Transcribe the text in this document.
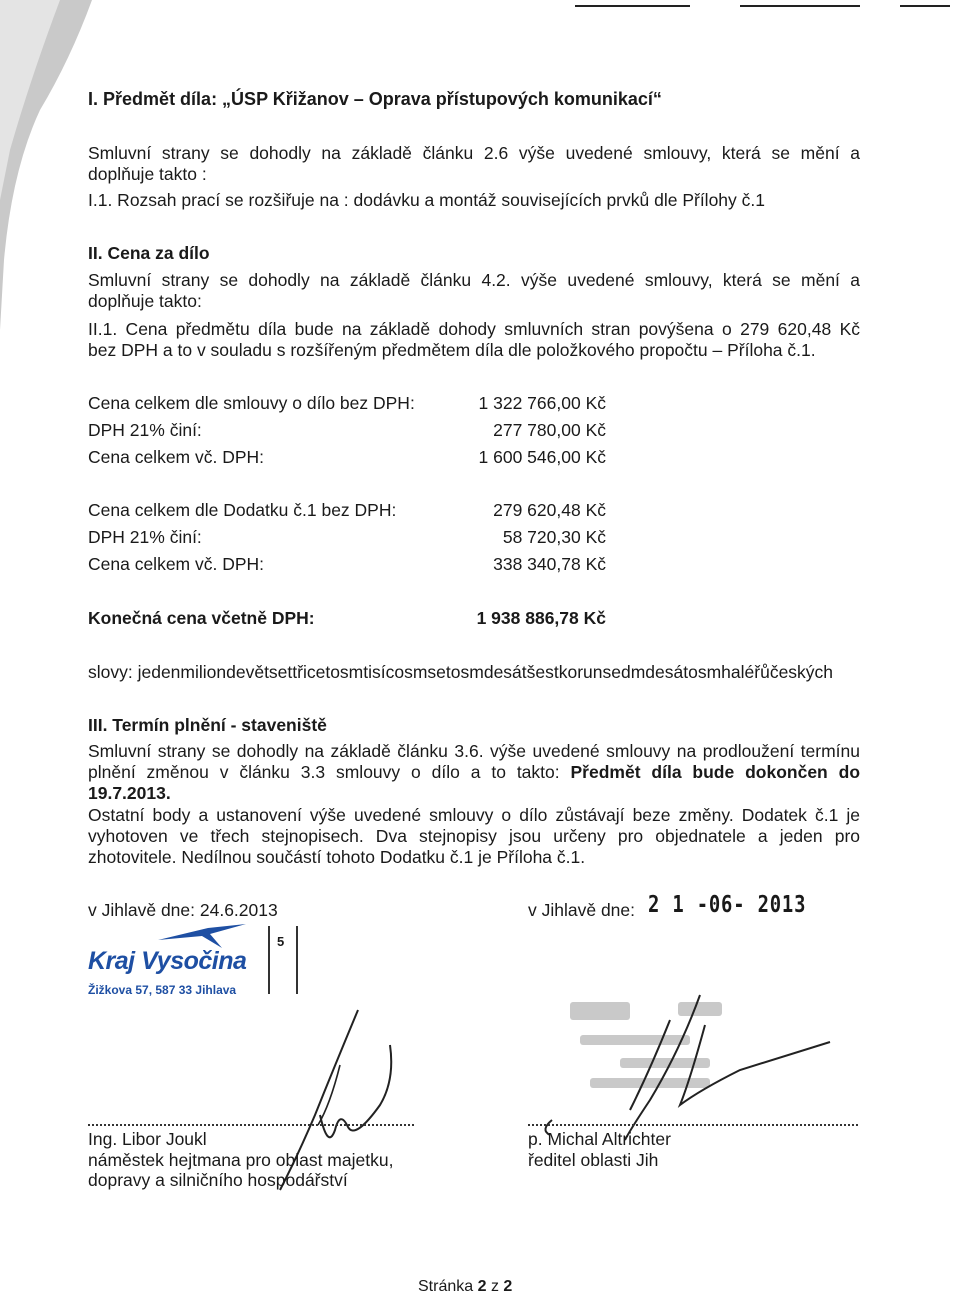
I. Předmět díla: „ÚSP Křižanov – Oprava přístupových komunikací“
Smluvní strany se dohodly na základě článku 2.6 výše uvedené smlouvy, která se mění a
doplňuje takto :
I.1. Rozsah prací se rozšiřuje na : dodávku a montáž souvisejících prvků dle Přílohy č.1
II. Cena za dílo
Smluvní strany se dohodly na základě článku 4.2. výše uvedené smlouvy, která se mění a
doplňuje takto:
II.1. Cena předmětu díla bude na základě dohody smluvních stran povýšena o 279 620,48 Kč
bez DPH a to v souladu s rozšířeným předmětem díla dle položkového propočtu – Příloha č.1.
Cena celkem dle smlouvy o dílo bez DPH:	1 322 766,00 Kč
DPH 21% činí:	277 780,00 Kč
Cena celkem vč. DPH:	1 600 546,00 Kč
Cena celkem dle Dodatku č.1 bez DPH:	279 620,48 Kč
DPH 21% činí:	58 720,30 Kč
Cena celkem vč. DPH:	338 340,78 Kč
Konečná cena včetně DPH:	1 938 886,78 Kč
slovy: jedenmiliondevětsettřicetosmtisícosmsetosmdesátšestkorunsedmdesátosmhaléřůčeských
III. Termín plnění - staveniště
Smluvní strany se dohodly na základě článku 3.6. výše uvedené smlouvy na prodloužení termínu
plnění změnou v článku 3.3 smlouvy o dílo a to takto: Předmět díla bude dokončen do
19.7.2013.
Ostatní body a ustanovení výše uvedené smlouvy o dílo zůstávají beze změny. Dodatek č.1 je
vyhotoven ve třech stejnopisech. Dva stejnopisy jsou určeny pro objednatele a jeden pro
zhotovitele. Nedílnou součástí tohoto Dodatku č.1 je Příloha č.1.
v Jihlavě dne: 24.6.2013	v Jihlavě dne: 2 1 -06- 2013
Kraj Vysočina
Žižkova 57, 587 33 Jihlava
5
Ing. Libor Joukl
náměstek hejtmana pro oblast majetku,
dopravy a silničního hospodářství
p. Michal Altrichter
ředitel oblasti Jih
Stránka 2 z 2
